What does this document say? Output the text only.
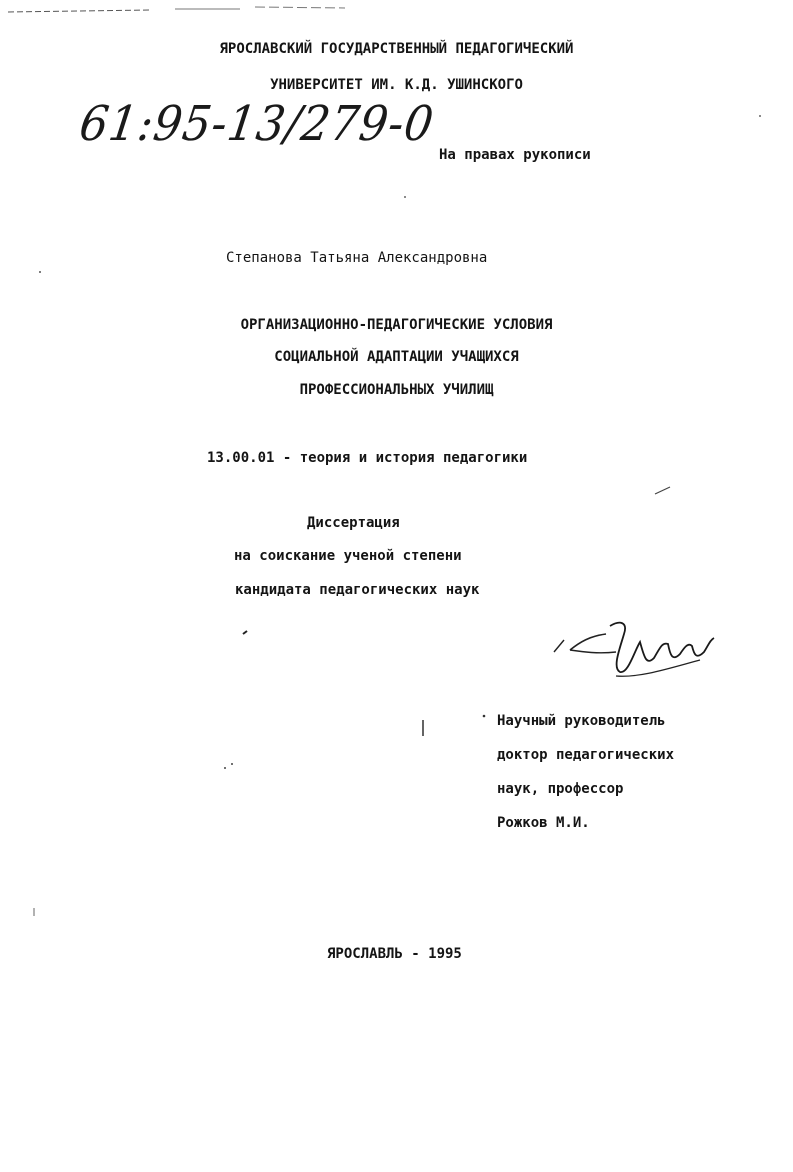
ЯРОСЛАВСКИЙ ГОСУДАРСТВЕННЫЙ ПЕДАГОГИЧЕСКИЙ
УНИВЕРСИТЕТ ИМ. К.Д. УШИНСКОГО
61:95-13/279-0
На правах рукописи
Степанова Татьяна Александровна
ОРГАНИЗАЦИОННО-ПЕДАГОГИЧЕСКИЕ УСЛОВИЯ
СОЦИАЛЬНОЙ АДАПТАЦИИ УЧАЩИХСЯ
ПРОФЕССИОНАЛЬНЫХ УЧИЛИЩ
13.00.01 - теория и история педагогики
Диссертация
на соискание ученой степени
кандидата педагогических наук
Научный руководитель
доктор педагогических
наук, профессор
Рожков М.И.
ЯРОСЛАВЛЬ - 1995
